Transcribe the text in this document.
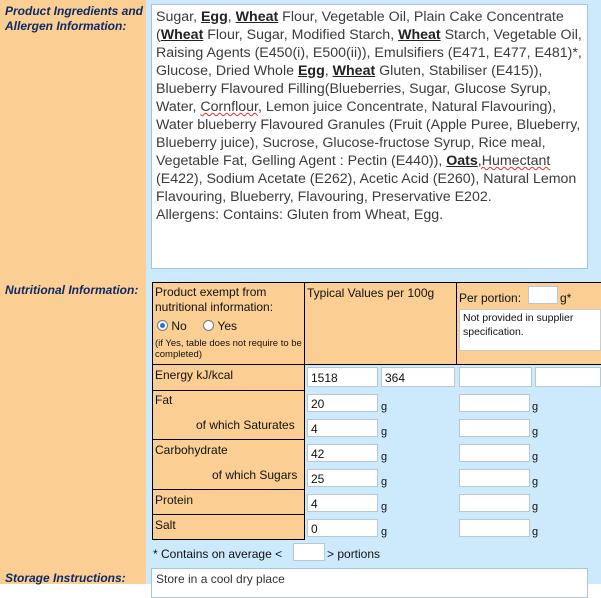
Product Ingredients and Allergen Information:
Sugar, Egg, Wheat Flour, Vegetable Oil, Plain Cake Concentrate (Wheat Flour, Sugar, Modified Starch, Wheat Starch, Vegetable Oil, Raising Agents (E450(i), E500(ii)), Emulsifiers (E471, E477, E481)*, Glucose, Dried Whole Egg, Wheat Gluten, Stabiliser (E415)), Blueberry Flavoured Filling(Blueberries, Sugar, Glucose Syrup, Water, Cornflour, Lemon juice Concentrate, Natural Flavouring), Water blueberry Flavoured Granules (Fruit (Apple Puree, Blueberry, Blueberry juice), Sucrose, Glucose-fructose Syrup, Rice meal, Vegetable Fat, Gelling Agent : Pectin (E440)), Oats,Humectant (E422), Sodium Acetate (E262), Acetic Acid (E260), Natural Lemon Flavouring, Blueberry, Flavouring, Preservative E202.
Allergens: Contains: Gluten from Wheat, Egg.
Nutritional Information:	Product exempt from nutritional information:
No	Yes
(if Yes, table does not require to be completed)
Typical Values per 100g Per portion:	g*
Not provided in supplier specification.
Energy kJ/kcal	1518	364
Fat	20	g	g
of which Saturates	4	g	g
Carbohydrate	42	g	g
of which Sugars	25	g	g
Protein	4	g	g
Salt	0	g	g
* Contains on average <	> portions
Storage Instructions:	Store in a cool dry place
